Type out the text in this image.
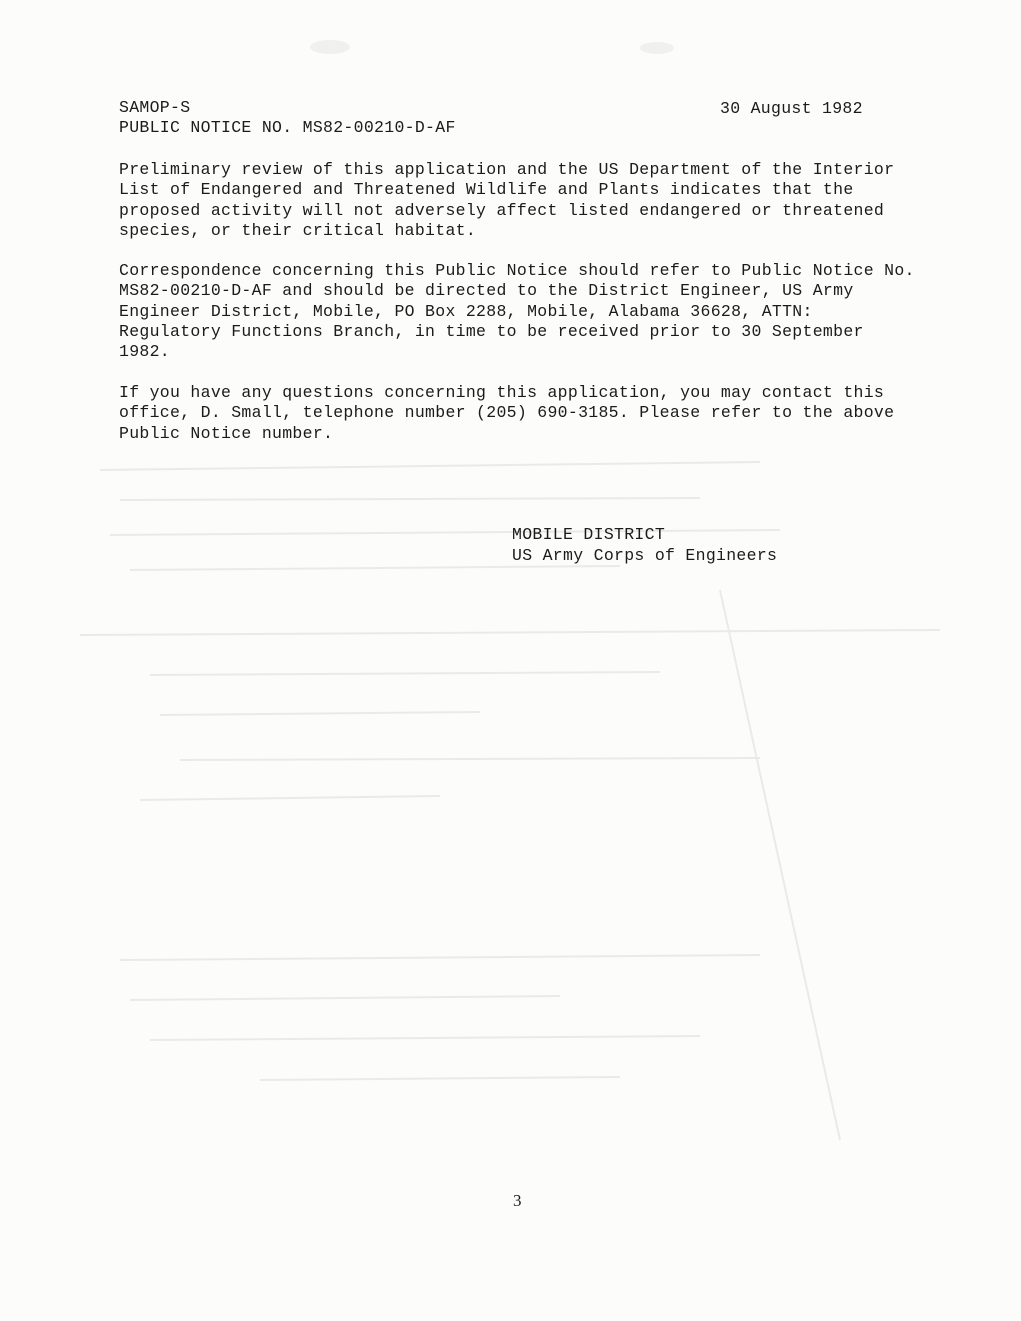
SAMOP-S
PUBLIC NOTICE NO. MS82-00210-D-AF
30 August 1982
Preliminary review of this application and the US Department of the Interior
List of Endangered and Threatened Wildlife and Plants indicates that the
proposed activity will not adversely affect listed endangered or threatened
species, or their critical habitat.
Correspondence concerning this Public Notice should refer to Public Notice No.
MS82-00210-D-AF and should be directed to the District Engineer, US Army
Engineer District, Mobile, PO Box 2288, Mobile, Alabama 36628, ATTN:
Regulatory Functions Branch, in time to be received prior to 30 September
1982.
If you have any questions concerning this application, you may contact this
office, D. Small, telephone number (205) 690-3185. Please refer to the above
Public Notice number.
MOBILE DISTRICT
US Army Corps of Engineers
3
